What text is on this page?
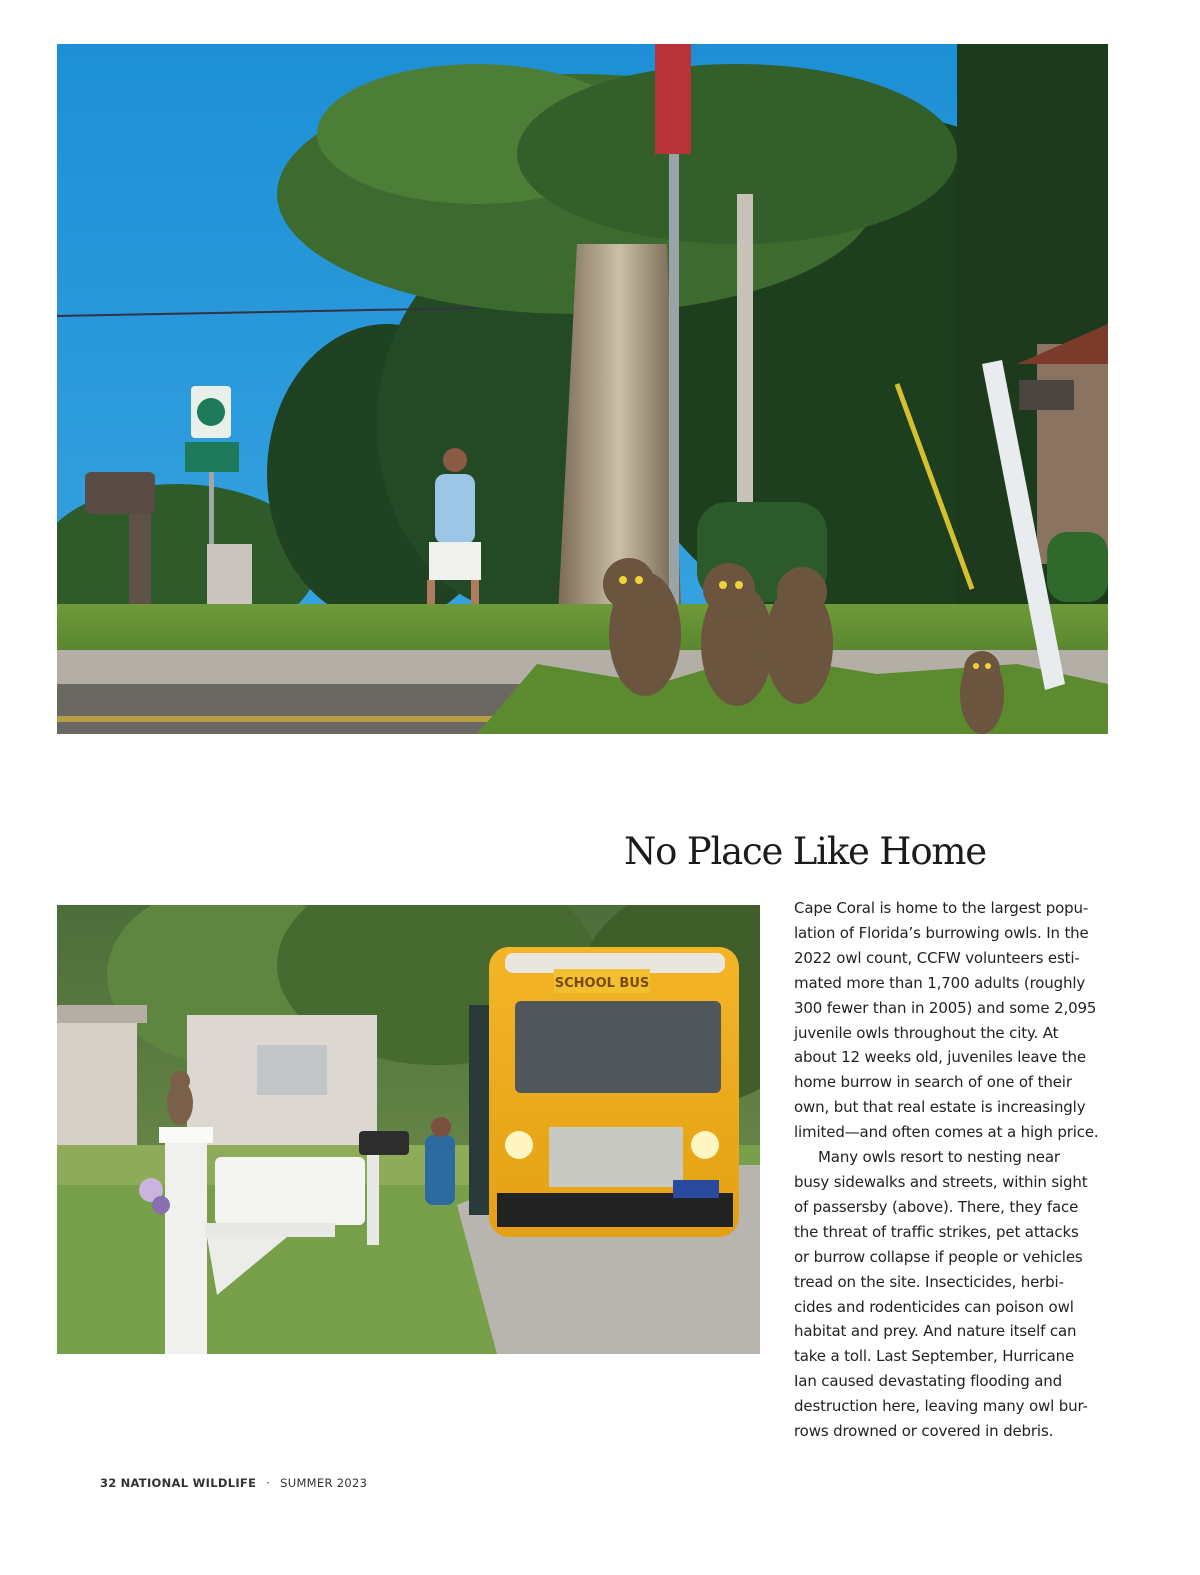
No Place Like Home
SCHOOL BUS
Cape Coral is home to the largest popu-
lation of Florida’s burrowing owls. In the
2022 owl count, CCFW volunteers esti-
mated more than 1,700 adults (roughly
300 fewer than in 2005) and some 2,095
juvenile owls throughout the city. At
about 12 weeks old, juveniles leave the
home burrow in search of one of their
own, but that real estate is increasingly
limited—and often comes at a high price.
Many owls resort to nesting near
busy sidewalks and streets, within sight
of passersby (above). There, they face
the threat of traffic strikes, pet attacks
or burrow collapse if people or vehicles
tread on the site. Insecticides, herbi-
cides and rodenticides can poison owl
habitat and prey. And nature itself can
take a toll. Last September, Hurricane
Ian caused devastating flooding and
destruction here, leaving many owl bur-
rows drowned or covered in debris.
32 NATIONAL WILDLIFE · SUMMER 2023
